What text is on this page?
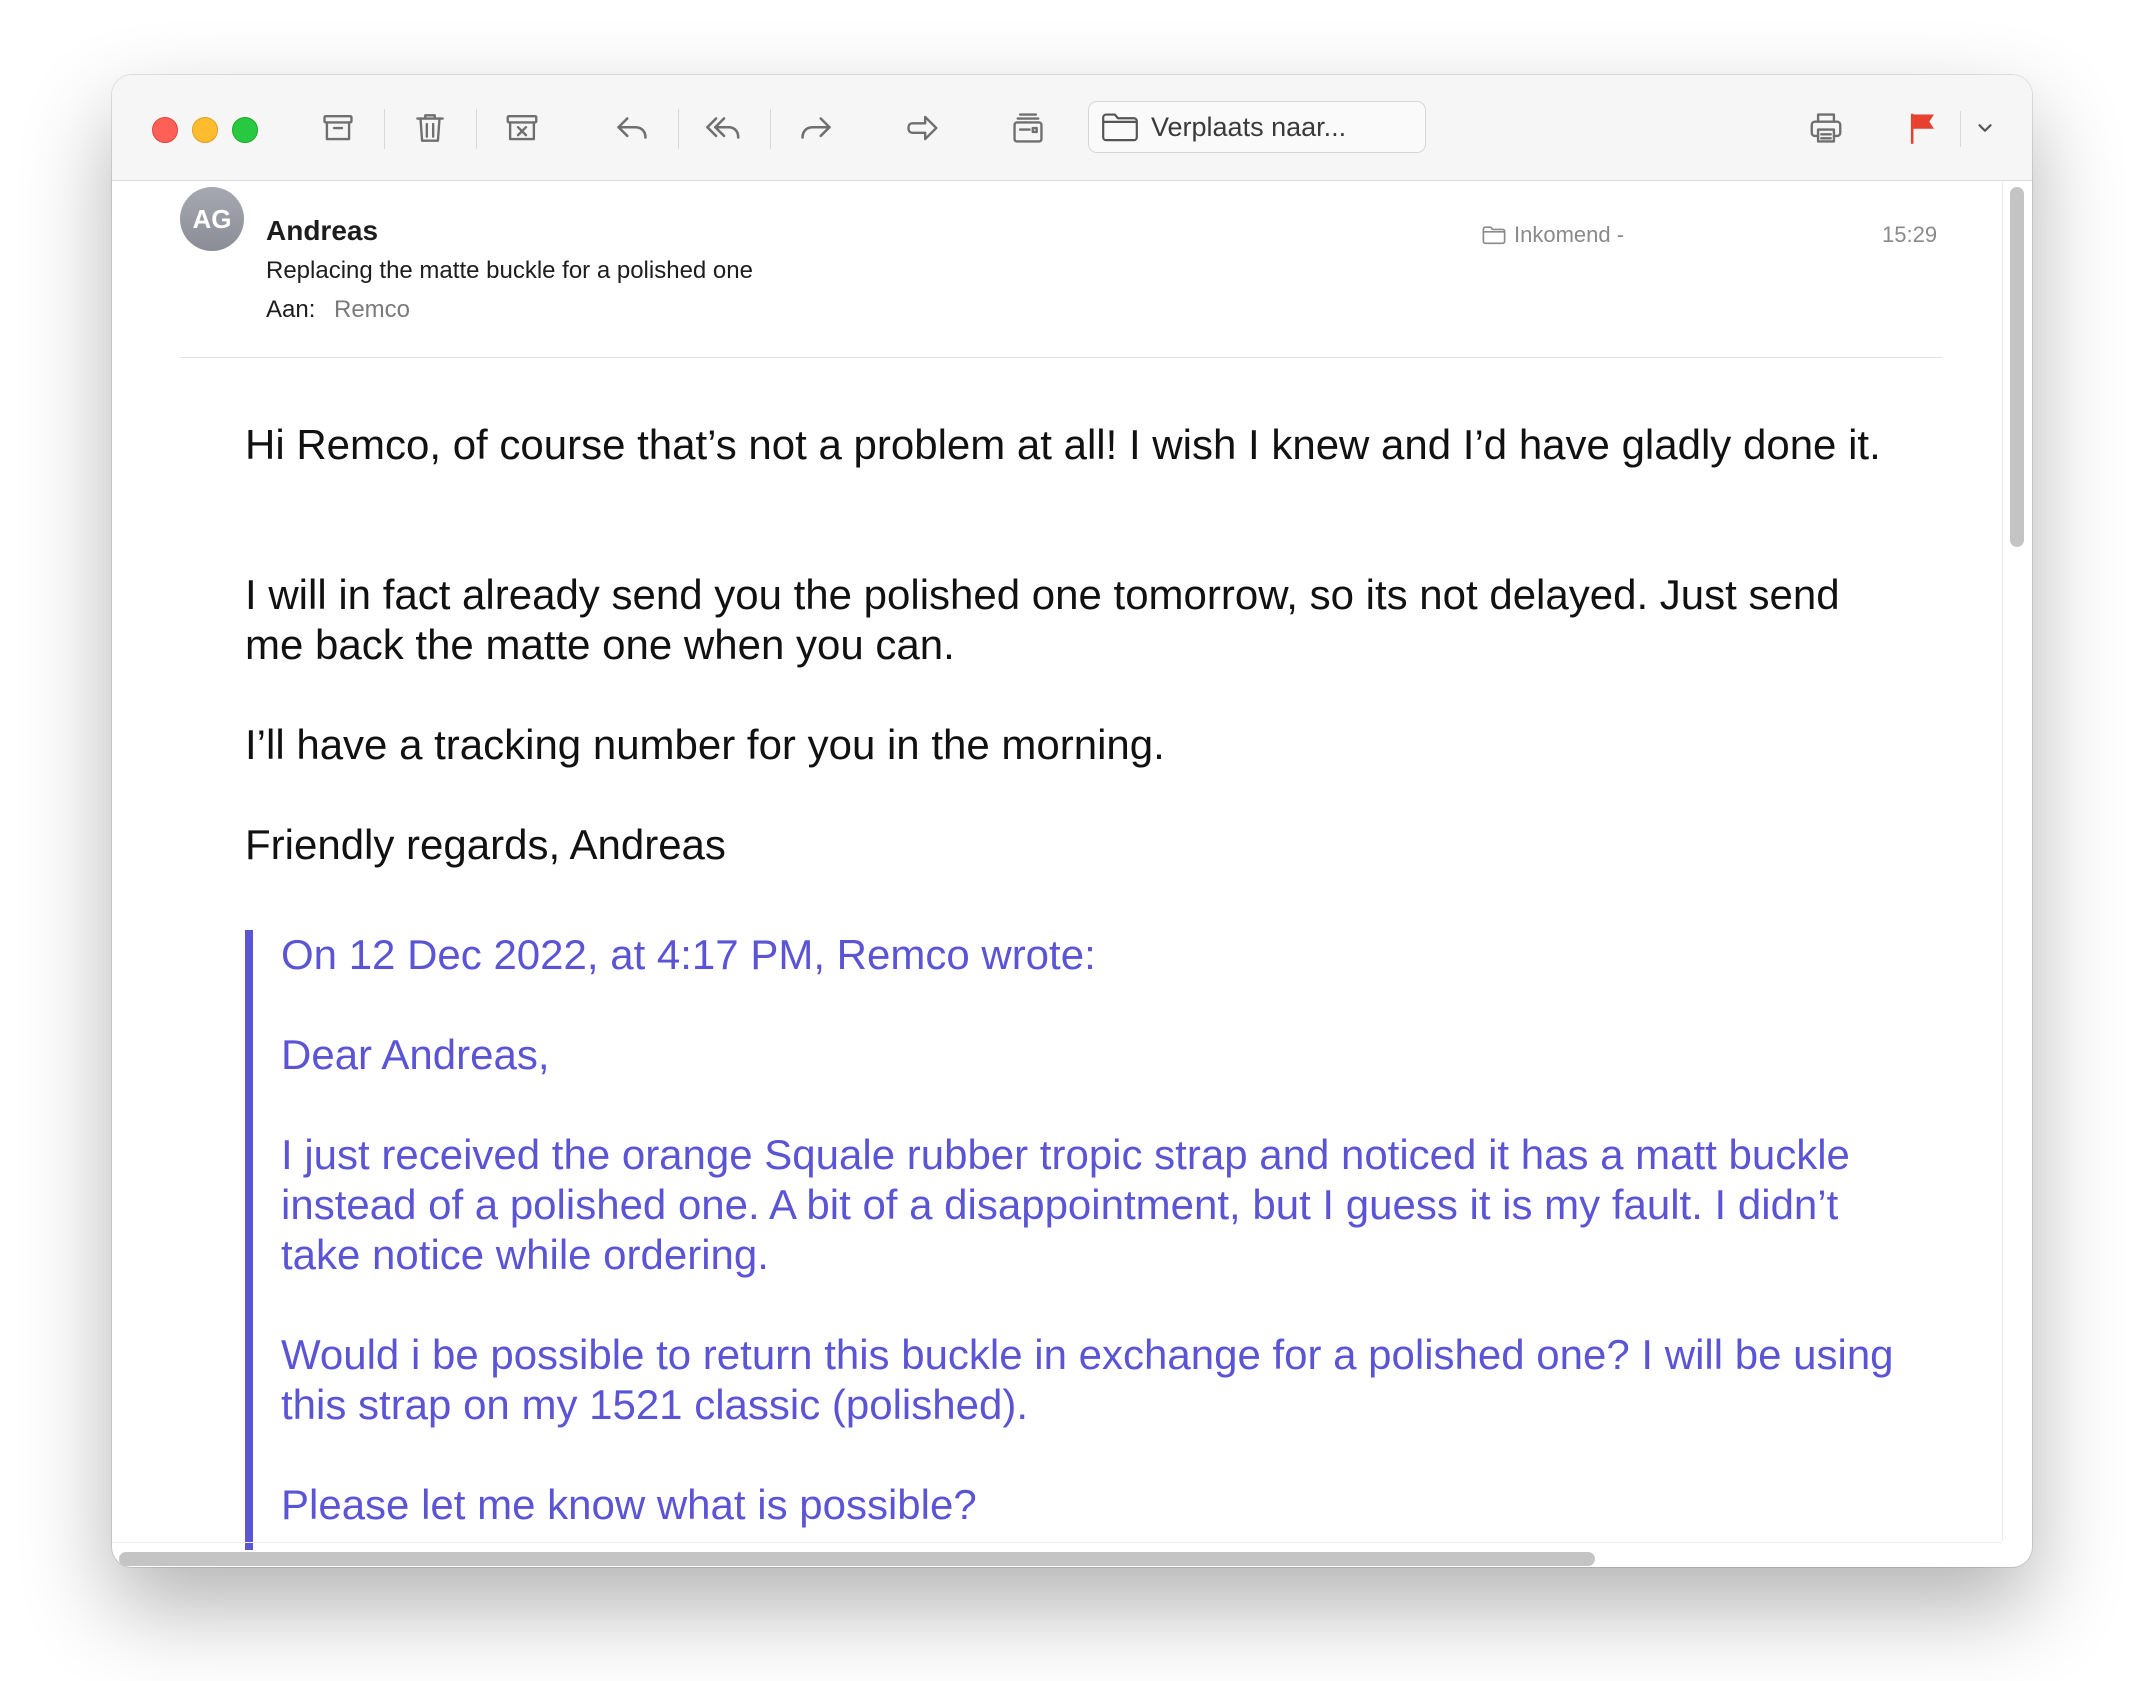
Verplaats naar...
AG	Andreas
Replacing the matte buckle for a polished one
Aan: Remco
Inkomend -	15:29

Hi Remco, of course that’s not a problem at all! I wish I knew and I’d have gladly done it.

I will in fact already send you the polished one tomorrow, so its not delayed. Just send me back the matte one when you can.

I’ll have a tracking number for you in the morning.

Friendly regards, Andreas

On 12 Dec 2022, at 4:17 PM, Remco wrote:

Dear Andreas,

I just received the orange Squale rubber tropic strap and noticed it has a matt buckle instead of a polished one. A bit of a disappointment, but I guess it is my fault. I didn’t take notice while ordering.

Would i be possible to return this buckle in exchange for a polished one? I will be using this strap on my 1521 classic (polished).

Please let me know what is possible?
